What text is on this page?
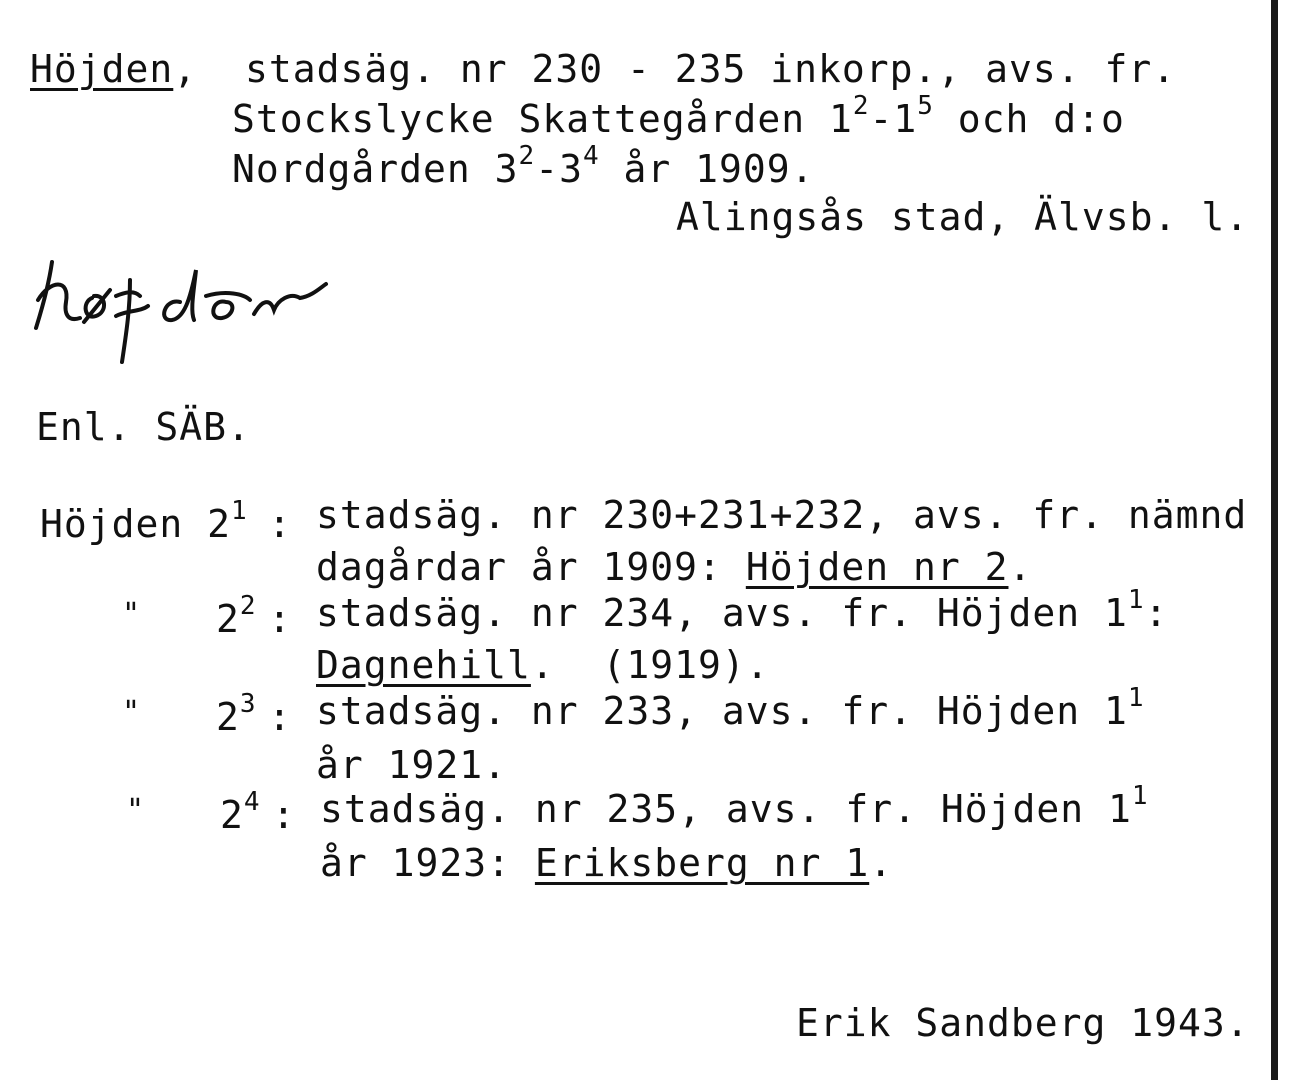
Höjden, stadsäg. nr 230 - 235 inkorp., avs. fr.
Stockslycke Skattegården $1^2-1^5$ och d:o
Nordgården $3^2-3^4$ år 1909.
Alingsås stad, Älvsb. l.
Enl. SÄB.
Höjden $2^1$ : stadsäg. nr 230+231+232, avs. fr. nämnd
dagårdar år 1909: Höjden nr 2.
" $2^2$ : stadsäg. nr 234, avs. fr. Höjden $1^1$:
Dagnehill.  (1919).
" $2^3$ : stadsäg. nr 233, avs. fr. Höjden $1^1$
år 1921.
" $2^4$ : stadsäg. nr 235, avs. fr. Höjden $1^1$
år 1923: Eriksberg nr 1.
Erik Sandberg 1943.
